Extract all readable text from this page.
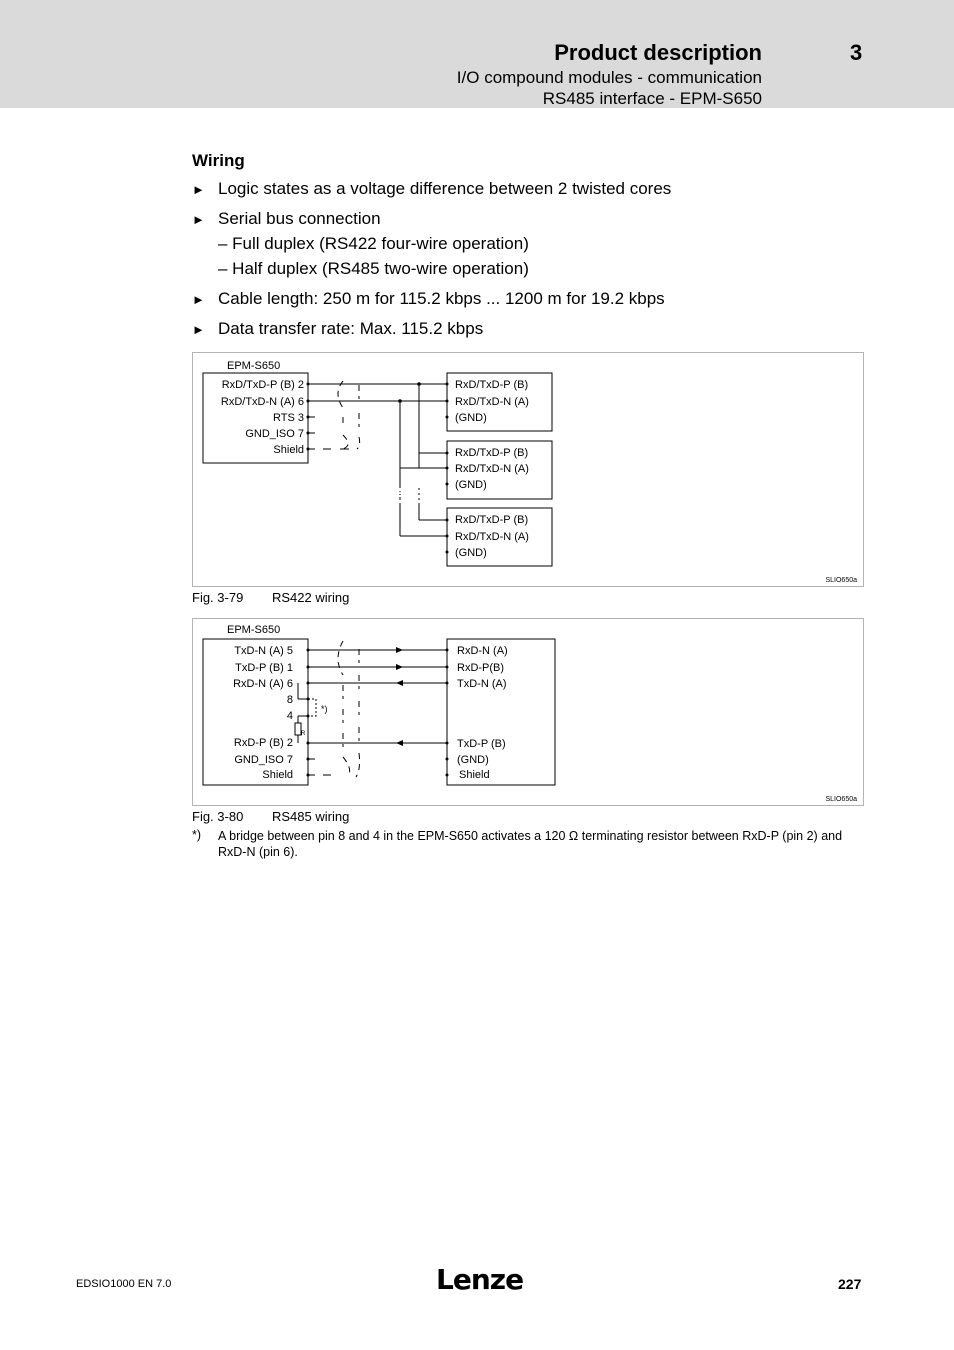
Product description	3
I/O compound modules - communication
RS485 interface - EPM-S650
Wiring
► Logic states as a voltage difference between 2 twisted cores
► Serial bus connection
– Full duplex (RS422 four-wire operation)
– Half duplex (RS485 two-wire operation)
► Cable length: 250 m for 115.2 kbps ... 1200 m for 19.2 kbps
► Data transfer rate: Max. 115.2 kbps
EPM-S650
RxD/TxD-P (B) 2
RxD/TxD-N (A) 6
RTS 3
GND_ISO 7
Shield
RxD/TxD-P (B)
RxD/TxD-N (A)
(GND)
RxD/TxD-P (B)
RxD/TxD-N (A)
(GND)
RxD/TxD-P (B)
RxD/TxD-N (A)
(GND)
SLIO650a
Fig. 3-79 RS422 wiring
EPM-S650
TxD-N (A) 5
TxD-P (B) 1
RxD-N (A) 6
8
4
RxD-P (B) 2
GND_ISO 7
Shield
*)
R
RxD-N (A)
RxD-P(B)
TxD-N (A)
TxD-P (B)
(GND)
Shield
SLIO650a
Fig. 3-80 RS485 wiring
*) A bridge between pin 8 and 4 in the EPM-S650 activates a 120 Ω terminating resistor between RxD-P (pin 2) and RxD-N (pin 6).
EDSIO1000 EN 7.0	Lenze	227
